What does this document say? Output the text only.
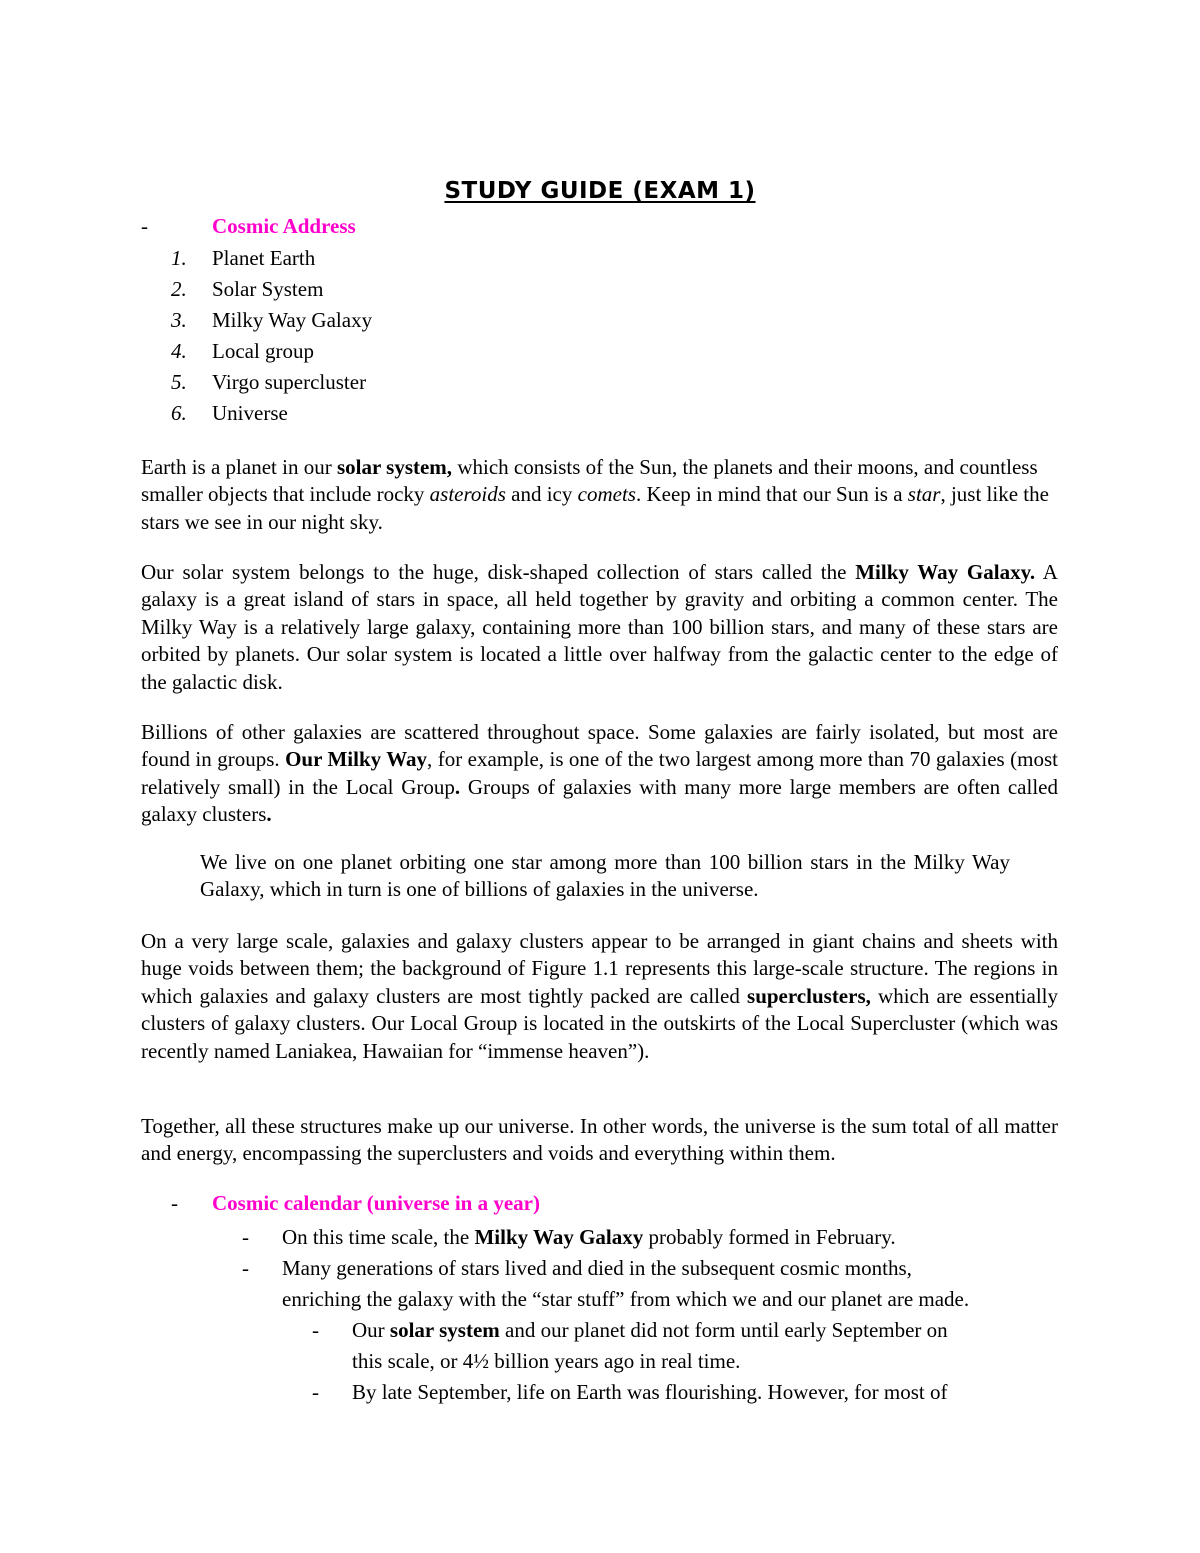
STUDY GUIDE (EXAM 1)
-	Cosmic Address
1. Planet Earth
2. Solar System
3. Milky Way Galaxy
4. Local group
5. Virgo supercluster
6. Universe

Earth is a planet in our solar system, which consists of the Sun, the planets and their moons, and countless smaller objects that include rocky asteroids and icy comets. Keep in mind that our Sun is a star, just like the stars we see in our night sky.

Our solar system belongs to the huge, disk-shaped collection of stars called the Milky Way Galaxy. A galaxy is a great island of stars in space, all held together by gravity and orbiting a common center. The Milky Way is a relatively large galaxy, containing more than 100 billion stars, and many of these stars are orbited by planets. Our solar system is located a little over halfway from the galactic center to the edge of the galactic disk.

Billions of other galaxies are scattered throughout space. Some galaxies are fairly isolated, but most are found in groups. Our Milky Way, for example, is one of the two largest among more than 70 galaxies (most relatively small) in the Local Group. Groups of galaxies with many more large members are often called galaxy clusters.

We live on one planet orbiting one star among more than 100 billion stars in the Milky Way Galaxy, which in turn is one of billions of galaxies in the universe.

On a very large scale, galaxies and galaxy clusters appear to be arranged in giant chains and sheets with huge voids between them; the background of Figure 1.1 represents this large-scale structure. The regions in which galaxies and galaxy clusters are most tightly packed are called superclusters, which are essentially clusters of galaxy clusters. Our Local Group is located in the outskirts of the Local Supercluster (which was recently named Laniakea, Hawaiian for “immense heaven”).

Together, all these structures make up our universe. In other words, the universe is the sum total of all matter and energy, encompassing the superclusters and voids and everything within them.

- Cosmic calendar (universe in a year)
- On this time scale, the Milky Way Galaxy probably formed in February.
- Many generations of stars lived and died in the subsequent cosmic months,
enriching the galaxy with the “star stuff” from which we and our planet are made.
- Our solar system and our planet did not form until early September on
this scale, or 4½ billion years ago in real time.
- By late September, life on Earth was flourishing. However, for most of
